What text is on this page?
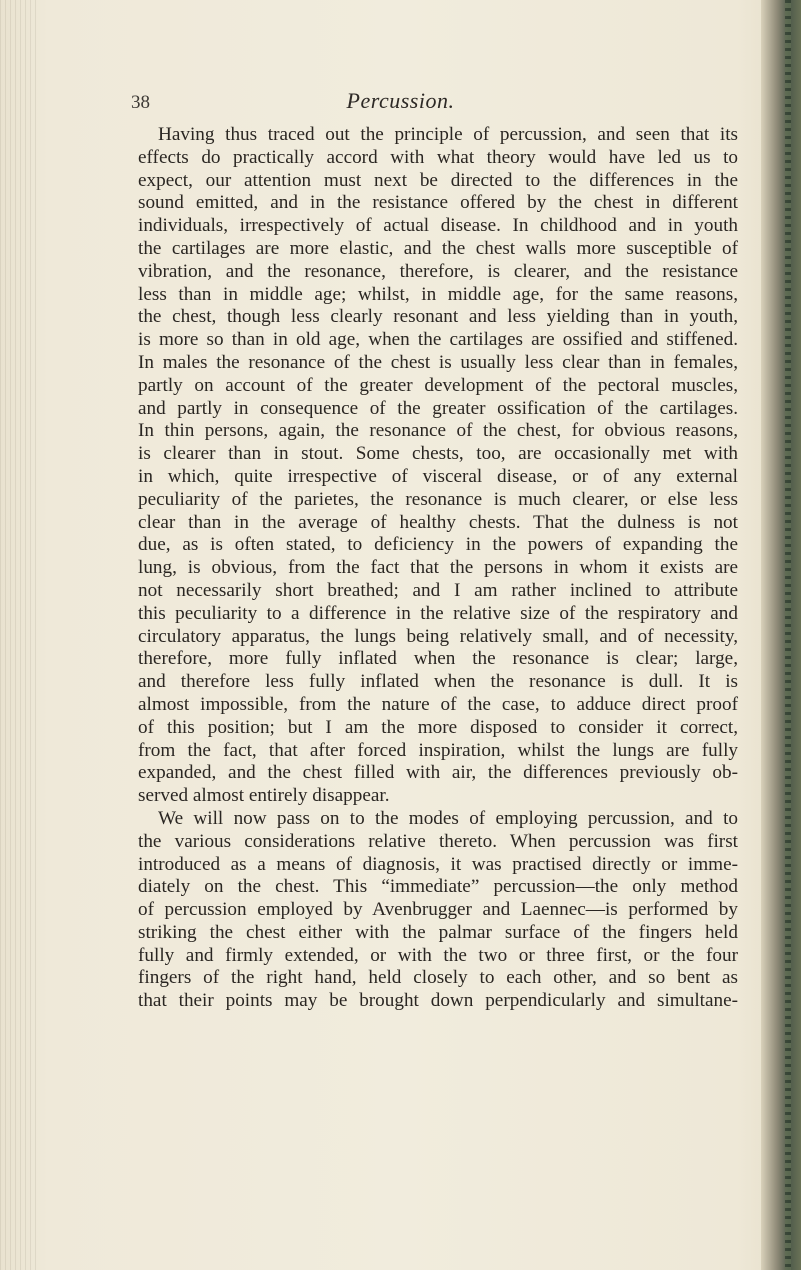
38	Percussion.

Having thus traced out the principle of percussion, and seen that its
effects do practically accord with what theory would have led us to
expect, our attention must next be directed to the differences in the
sound emitted, and in the resistance offered by the chest in different
individuals, irrespectively of actual disease. In childhood and in youth
the cartilages are more elastic, and the chest walls more susceptible of
vibration, and the resonance, therefore, is clearer, and the resistance
less than in middle age; whilst, in middle age, for the same reasons,
the chest, though less clearly resonant and less yielding than in youth,
is more so than in old age, when the cartilages are ossified and stiffened.
In males the resonance of the chest is usually less clear than in females,
partly on account of the greater development of the pectoral muscles,
and partly in consequence of the greater ossification of the cartilages.
In thin persons, again, the resonance of the chest, for obvious reasons,
is clearer than in stout. Some chests, too, are occasionally met with
in which, quite irrespective of visceral disease, or of any external
peculiarity of the parietes, the resonance is much clearer, or else less
clear than in the average of healthy chests. That the dulness is not
due, as is often stated, to deficiency in the powers of expanding the
lung, is obvious, from the fact that the persons in whom it exists are
not necessarily short breathed; and I am rather inclined to attribute
this peculiarity to a difference in the relative size of the respiratory and
circulatory apparatus, the lungs being relatively small, and of necessity,
therefore, more fully inflated when the resonance is clear; large,
and therefore less fully inflated when the resonance is dull. It is
almost impossible, from the nature of the case, to adduce direct proof
of this position; but I am the more disposed to consider it correct,
from the fact, that after forced inspiration, whilst the lungs are fully
expanded, and the chest filled with air, the differences previously ob-
served almost entirely disappear.
We will now pass on to the modes of employing percussion, and to
the various considerations relative thereto. When percussion was first
introduced as a means of diagnosis, it was practised directly or imme-
diately on the chest. This “immediate” percussion—the only method
of percussion employed by Avenbrugger and Laennec—is performed by
striking the chest either with the palmar surface of the fingers held
fully and firmly extended, or with the two or three first, or the four
fingers of the right hand, held closely to each other, and so bent as
that their points may be brought down perpendicularly and simultane-
